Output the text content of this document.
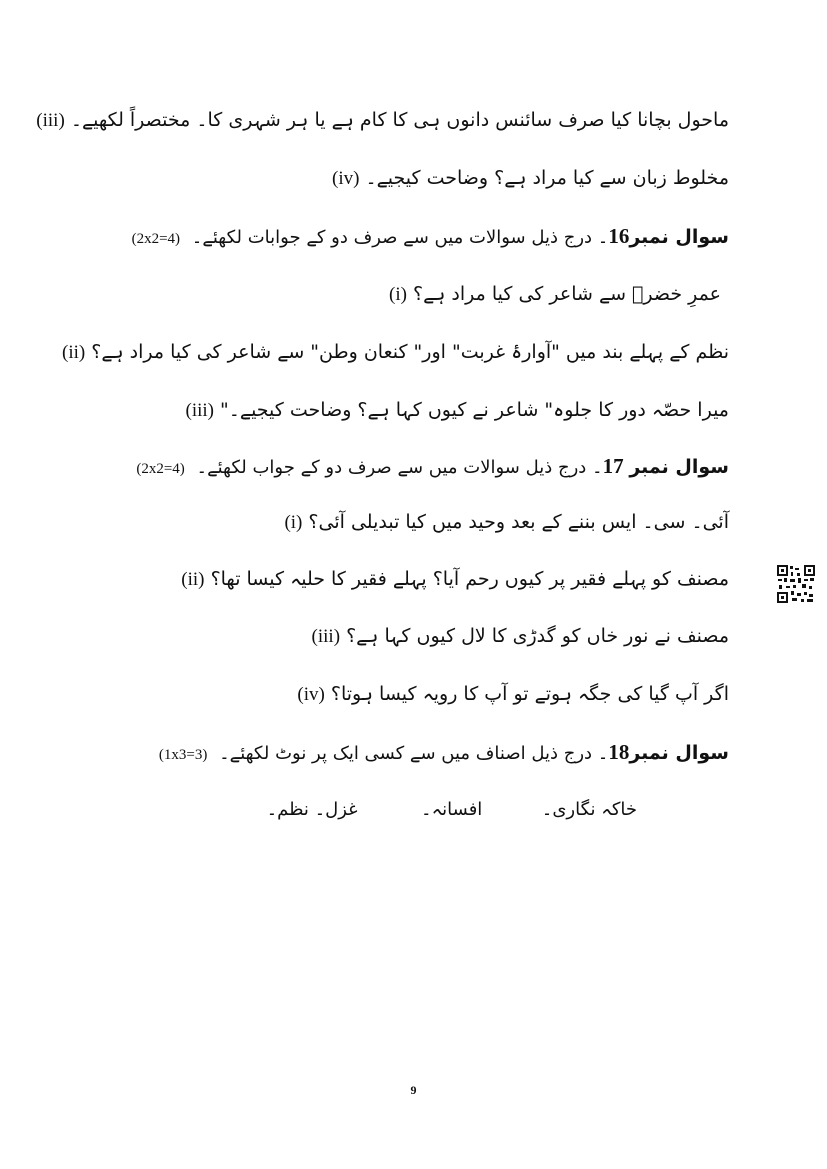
(iii) ماحول بچانا کیا صرف سائنس دانوں ہی کا کام ہے یا ہر شہری کا۔ مختصراً لکھیے۔
(iv) مخلوط زبان سے کیا مراد ہے؟ وضاحت کیجیے۔
سوال نمبر16۔ درج ذیل سوالات میں سے صرف دو کے جوابات لکھئے۔ (2x2=4)
(i) عمرِ خضرؑ سے شاعر کی کیا مراد ہے؟
(ii) نظم کے پہلے بند میں "آوارۂ غربت" اور" کنعان وطن" سے شاعر کی کیا مراد ہے؟
(iii) "میرا حصّہ دور کا جلوہ" شاعر نے کیوں کہا ہے؟ وضاحت کیجیے۔
سوال نمبر 17۔ درج ذیل سوالات میں سے صرف دو کے جواب لکھئے۔ (2x2=4)
(i) آئی۔ سی۔ ایس بننے کے بعد وحید میں کیا تبدیلی آئی؟
(ii) مصنف کو پہلے فقیر پر کیوں رحم آیا؟ پہلے فقیر کا حلیہ کیسا تھا؟
(iii) مصنف نے نور خاں کو گدڑی کا لال کیوں کہا ہے؟
(iv) اگر آپ گیا کی جگہ ہوتے تو آپ کا رویہ کیسا ہوتا؟
سوال نمبر18۔ درج ذیل اصناف میں سے کسی ایک پر نوٹ لکھئے۔ (1x3=3)
خاکہ نگاری۔  افسانہ۔  غزل۔ نظم۔
9
